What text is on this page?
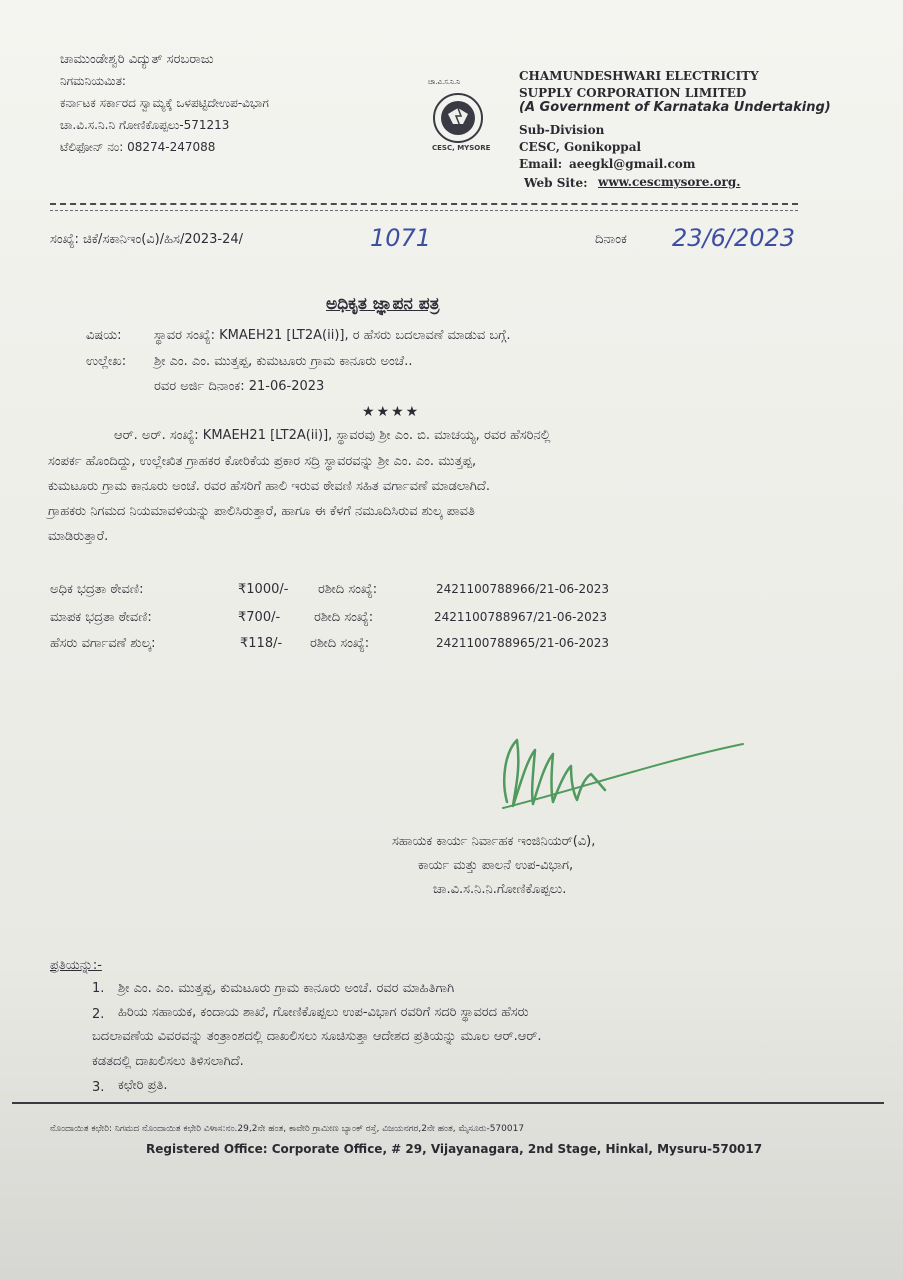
ಚಾಮುಂಡೇಶ್ವರಿ ವಿದ್ಯುತ್ ಸರಬರಾಜು
ನಿಗಮನಿಯಮಿತ:
ಕರ್ನಾಟಕ ಸರ್ಕಾರದ ಸ್ವಾಮ್ಯಕ್ಕೆ ಒಳಪಟ್ಟಿದೇಉಪ-ವಿಭಾಗ
ಚಾ.ವಿ.ಸ.ನಿ.ನಿ ಗೋಣಿಕೊಪ್ಪಲು-571213
ಟೆಲಿಫೋನ್ ನಂ: 08274-247088
ಚಾ.ವಿ.ಸ.ನಿ.ನಿ
CESC, MYSORE
CHAMUNDESHWARI ELECTRICITY
SUPPLY CORPORATION LIMITED
(A Government of Karnataka Undertaking)
Sub-Division
CESC, Gonikoppal
Email: aeegkl@gmail.com
Web Site: www.cescmysore.org.
ಸಂಖ್ಯೆ: ಚಿಕೆ/ಸಕಾನಿಇಂ(ವಿ)/ಹಿಸ/2023-24/	1071	ದಿನಾಂಕ 23/6/2023
ಅಧಿಕೃತ ಜ್ಞಾಪನ ಪತ್ರ
ವಿಷಯ: ಸ್ಥಾವರ ಸಂಖ್ಯೆ: KMAEH21 [LT2A(ii)], ರ ಹೆಸರು ಬದಲಾವಣೆ ಮಾಡುವ ಬಗ್ಗೆ.
ಉಲ್ಲೇಖ: ಶ್ರೀ ಎಂ. ಎಂ. ಮುತ್ತಪ್ಪ, ಕುಮಟೂರು ಗ್ರಾಮ ಕಾನೂರು ಅಂಚೆ..
ರವರ ಅರ್ಜಿ ದಿನಾಂಕ: 21-06-2023
★★★★
ಆರ್. ಅರ್. ಸಂಖ್ಯೆ: KMAEH21 [LT2A(ii)], ಸ್ಥಾವರವು ಶ್ರೀ ಎಂ. ಬಿ. ಮಾಚಯ್ಯ, ರವರ ಹೆಸರಿನಲ್ಲಿ
ಸಂಪರ್ಕ ಹೊಂದಿದ್ದು, ಉಲ್ಲೇಖಿತ ಗ್ರಾಹಕರ ಕೋರಿಕೆಯ ಪ್ರಕಾರ ಸದ್ರಿ ಸ್ಥಾವರವನ್ನು ಶ್ರೀ ಎಂ. ಎಂ. ಮುತ್ತಪ್ಪ,
ಕುಮಟೂರು ಗ್ರಾಮ ಕಾನೂರು ಅಂಚೆ. ರವರ ಹೆಸರಿಗೆ ಹಾಲಿ ಇರುವ ಠೇವಣಿ ಸಹಿತ ವರ್ಗಾವಣೆ ಮಾಡಲಾಗಿದೆ.
ಗ್ರಾಹಕರು ನಿಗಮದ ನಿಯಮಾವಳಿಯನ್ನು ಪಾಲಿಸಿರುತ್ತಾರೆ, ಹಾಗೂ ಈ ಕೆಳಗೆ ನಮೂದಿಸಿರುವ ಶುಲ್ಕ ಪಾವತಿ
ಮಾಡಿರುತ್ತಾರೆ.
ಅಧಿಕ ಭದ್ರತಾ ಠೇವಣಿ:	₹1000/- ರಶೀದಿ ಸಂಖ್ಯೆ:	2421100788966/21-06-2023
ಮಾಪಕ ಭದ್ರತಾ ಠೇವಣಿ:	₹700/-	ರಶೀದಿ ಸಂಖ್ಯೆ:	2421100788967/21-06-2023
ಹೆಸರು ವರ್ಗಾವಣೆ ಶುಲ್ಕ:	₹118/- ರಶೀದಿ ಸಂಖ್ಯೆ:	2421100788965/21-06-2023
ಸಹಾಯಕ ಕಾರ್ಯ ನಿರ್ವಾಹಕ ಇಂಜಿನಿಯರ್(ವಿ),
ಕಾರ್ಯ ಮತ್ತು ಪಾಲನೆ ಉಪ-ವಿಭಾಗ,
ಚಾ.ವಿ.ಸ.ನಿ.ನಿ.ಗೋಣಿಕೊಪ್ಪಲು.
ಪ್ರತಿಯನ್ನು:-
1. ಶ್ರೀ ಎಂ. ಎಂ. ಮುತ್ತಪ್ಪ, ಕುಮಟೂರು ಗ್ರಾಮ ಕಾನೂರು ಅಂಚೆ. ರವರ ಮಾಹಿತಿಗಾಗಿ
2. ಹಿರಿಯ ಸಹಾಯಕ, ಕಂದಾಯ ಶಾಖೆ, ಗೋಣಿಕೊಪ್ಪಲು ಉಪ-ವಿಭಾಗ ರವರಿಗೆ ಸದರಿ ಸ್ಥಾವರದ ಹೆಸರು
ಬದಲಾವಣೆಯ ವಿವರವನ್ನು ತಂತ್ರಾಂಶದಲ್ಲಿ ದಾಖಲಿಸಲು ಸೂಚಿಸುತ್ತಾ ಆದೇಶದ ಪ್ರತಿಯನ್ನು ಮೂಲ ಆರ್.ಆರ್.
ಕಡತದಲ್ಲಿ ದಾಖಲಿಸಲು ತಿಳಿಸಲಾಗಿದೆ.
3. ಕಛೇರಿ ಪ್ರತಿ.
ನೊಂದಾಯಿತ ಕಛೇರಿ: ನಿಗಮದ ನೊಂದಾಯಿತ ಕಛೇರಿ ವಿಳಾಸ:ನಂ.29,2ನೇ ಹಂತ, ಕಾವೇರಿ ಗ್ರಾಮೀಣ ಬ್ಯಾಂಕ್ ರಸ್ತೆ, ವಿಜಯನಗರ,2ನೇ ಹಂತ, ಮೈಸೂರು-570017
Registered Office: Corporate Office, # 29, Vijayanagara, 2nd Stage, Hinkal, Mysuru-570017
